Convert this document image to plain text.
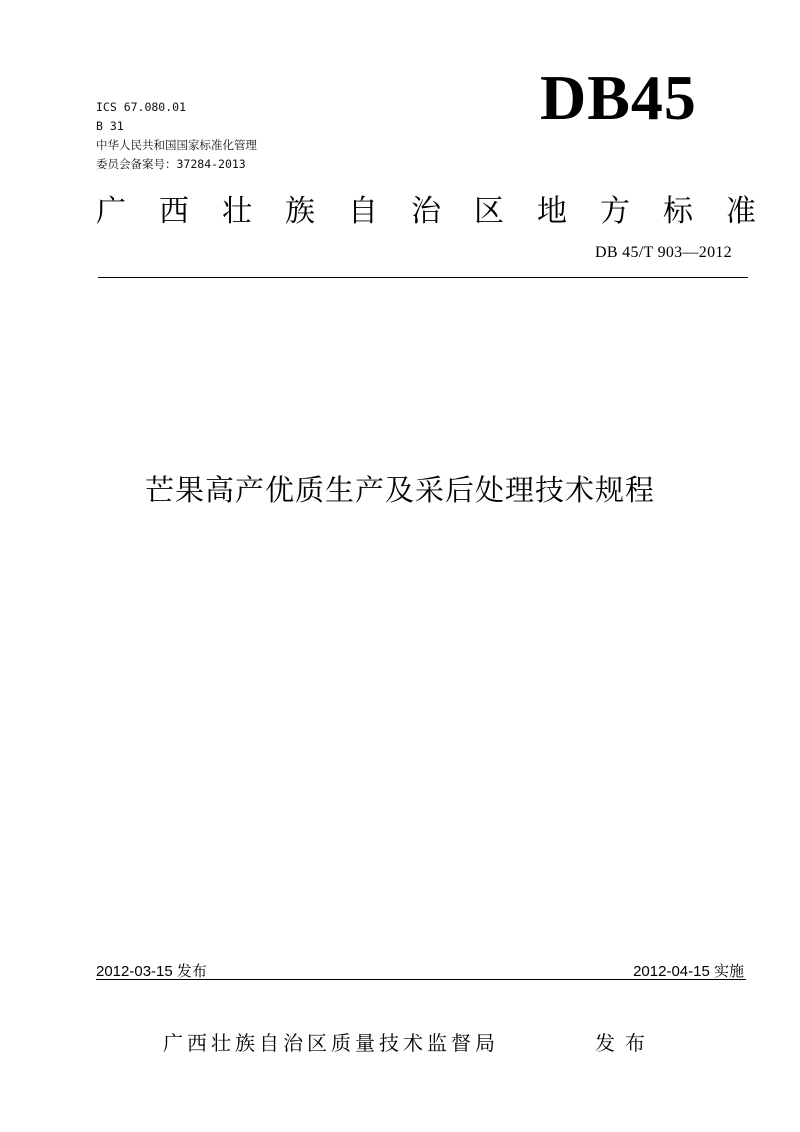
ICS 67.080.01
B 31
中华人民共和国国家标准化管理
委员会备案号：37284-2013
DB45
广 西 壮 族 自 治 区 地 方 标 准
DB 45/T 903—2012
芒果高产优质生产及采后处理技术规程
2012-03-15 发布	2012-04-15 实施
广西壮族自治区质量技术监督局	发布
